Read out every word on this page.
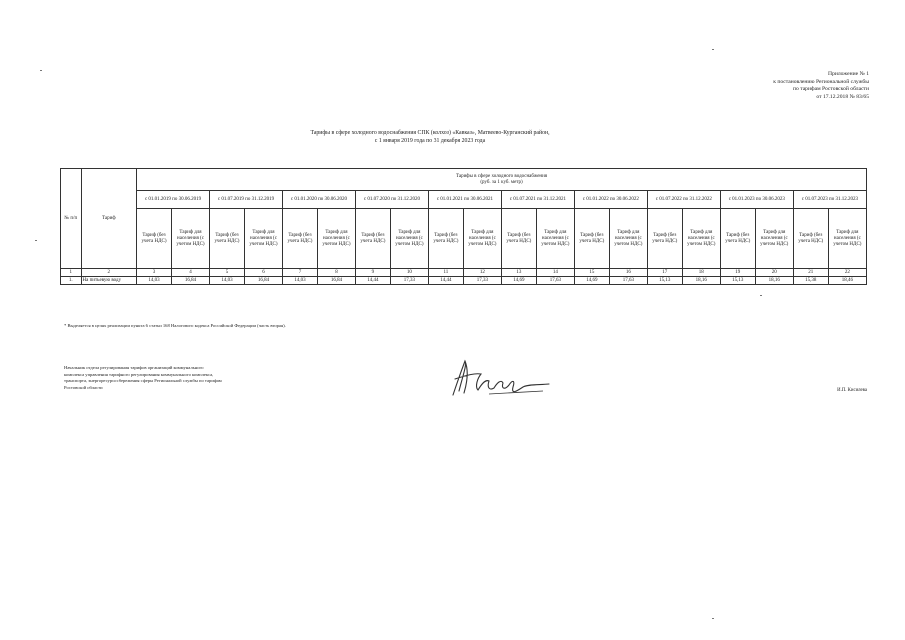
Приложение № 1
к постановлению Региональной службы
по тарифам Ростовской области
от 17.12.2018 № 83/65
Тарифы в сфере холодного водоснабжения СПК (колхоз) «Кавказ», Матвеево-Курганский район,
с 1 января 2019 года по 31 декабря 2023 года
№ п/п	Тариф	Тарифы в сфере холодного водоснабжения
(руб. за 1 куб. метр)																			

		с 01.01.2019 по 30.06.2019		с 01.07.2019 по 31.12.2019		с 01.01.2020 по 30.06.2020		с 01.07.2020 по 31.12.2020		с 01.01.2021 по 30.06.2021		с 01.07.2021 по 31.12.2021		с 01.01.2022 по 30.06.2022		с 01.07.2022 по 31.12.2022		с 01.01.2023 по 30.06.2023		с 01.07.2023 по 31.12.2023	
		Тариф (без учета НДС)	Тариф для населения (с учетом НДС)	Тариф (без учета НДС)	Тариф для населения (с учетом НДС)	Тариф (без учета НДС)	Тариф для населения (с учетом НДС)	Тариф (без учета НДС)	Тариф для населения (с учетом НДС)	Тариф (без учета НДС)	Тариф для населения (с учетом НДС)	Тариф (без учета НДС)	Тариф для населения (с учетом НДС)	Тариф (без учета НДС)	Тариф для населения (с учетом НДС)	Тариф (без учета НДС)	Тариф для населения (с учетом НДС)	Тариф (без учета НДС)	Тариф для населения (с учетом НДС)	Тариф (без учета НДС)	Тариф для населения (с учетом НДС)
1	2	3	4	5	6	7	8	9	10	11	12	13	14	15	16	17	18	19	20	21	22
1.	На питьевую воду	14,03	16,84	14,03	16,84	14,03	16,84	14,44	17,33	14,44	17,33	14,69	17,63	14,69	17,63	15,13	18,16	15,13	18,16	15,38	18,46
* Выделяется в целях реализации пункта 6 статьи 168 Налогового кодекса Российской Федерации (часть вторая).
Начальник отдела регулирования тарифов организаций коммунального
комплекса управления тарифного регулирования коммунального комплекса,
транспорта, энергоресурсосбережения сферы Региональной службы по тарифам
Ростовской области
И.П. Кисилева
